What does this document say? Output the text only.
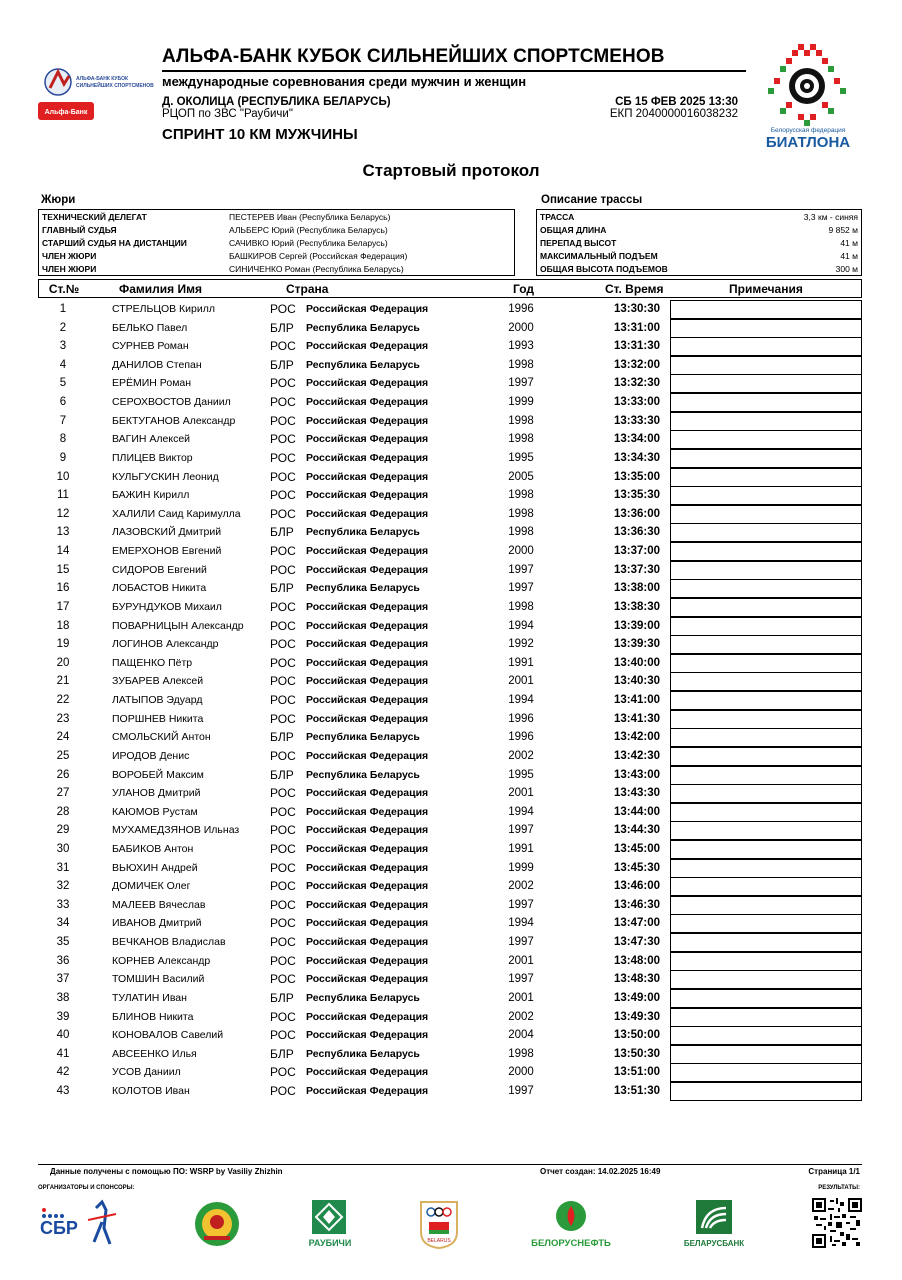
Альфа-Банк
АЛЬФА-БАНК КУБОК
СИЛЬНЕЙШИХ СПОРТСМЕНОВ
АЛЬФА-БАНК КУБОК СИЛЬНЕЙШИХ СПОРТСМЕНОВ
международные соревнования среди мужчин и женщин
Д. ОКОЛИЦА (РЕСПУБЛИКА БЕЛАРУСЬ)
РЦОП по ЗВС "Раубичи"
СБ 15 ФЕВ 2025 13:30
ЕКП 2040000016038232
СПРИНТ 10 КМ МУЖЧИНЫ	Белорусская федерация
БИАТЛОНА
Стартовый протокол
Жюри	Описание трассы
ТЕХНИЧЕСКИЙ ДЕЛЕГАТ	ПЕСТЕРЕВ Иван (Республика Беларусь)
ГЛАВНЫЙ СУДЬЯ	АЛЬБЕРС Юрий (Республика Беларусь)
СТАРШИЙ СУДЬЯ НА ДИСТАНЦИИ	САЧИВКО Юрий (Республика Беларусь)
ЧЛЕН ЖЮРИ	БАШКИРОВ Сергей (Российская Федерация)
ЧЛЕН ЖЮРИ	СИНИЧЕНКО Роман (Республика Беларусь)
ТРАССА	3,3 км - синяя
ОБЩАЯ ДЛИНА	9 852 м
ПЕРЕПАД ВЫСОТ	41 м
МАКСИМАЛЬНЫЙ ПОДЪЕМ	41 м
ОБЩАЯ ВЫСОТА ПОДЪЕМОВ	300 м
Ст.№	Фамилия Имя	Страна	Год	Ст. Время	Примечания
1	СТРЕЛЬЦОВ Кирилл	РОС Российская Федерация	1996	13:30:30
2	БЕЛЬКО Павел	БЛР Республика Беларусь	2000	13:31:00
3	СУРНЕВ Роман	РОС Российская Федерация	1993	13:31:30
4	ДАНИЛОВ Степан	БЛР Республика Беларусь	1998	13:32:00
5	ЕРЁМИН Роман	РОС Российская Федерация	1997	13:32:30
6	СЕРОХВОСТОВ Даниил	РОС Российская Федерация	1999	13:33:00
7	БЕКТУГАНОВ Александр	РОС Российская Федерация	1998	13:33:30
8	ВАГИН Алексей	РОС Российская Федерация	1998	13:34:00
9	ПЛИЦЕВ Виктор	РОС Российская Федерация	1995	13:34:30
10	КУЛЬГУСКИН Леонид	РОС Российская Федерация	2005	13:35:00
11	БАЖИН Кирилл	РОС Российская Федерация	1998	13:35:30
12	ХАЛИЛИ Саид Каримулла РОС Российская Федерация	1998	13:36:00
13	ЛАЗОВСКИЙ Дмитрий	БЛР Республика Беларусь	1998	13:36:30
14	ЕМЕРХОНОВ Евгений	РОС Российская Федерация	2000	13:37:00
15	СИДОРОВ Евгений	РОС Российская Федерация	1997	13:37:30
16	ЛОБАСТОВ Никита	БЛР Республика Беларусь	1997	13:38:00
17	БУРУНДУКОВ Михаил	РОС Российская Федерация	1998	13:38:30
18	ПОВАРНИЦЫН Александр РОС Российская Федерация	1994	13:39:00
19	ЛОГИНОВ Александр	РОС Российская Федерация	1992	13:39:30
20	ПАЩЕНКО Пётр	РОС Российская Федерация	1991	13:40:00
21	ЗУБАРЕВ Алексей	РОС Российская Федерация	2001	13:40:30
22	ЛАТЫПОВ Эдуард	РОС Российская Федерация	1994	13:41:00
23	ПОРШНЕВ Никита	РОС Российская Федерация	1996	13:41:30
24	СМОЛЬСКИЙ Антон	БЛР Республика Беларусь	1996	13:42:00
25	ИРОДОВ Денис	РОС Российская Федерация	2002	13:42:30
26	ВОРОБЕЙ Максим	БЛР Республика Беларусь	1995	13:43:00
27	УЛАНОВ Дмитрий	РОС Российская Федерация	2001	13:43:30
28	КАЮМОВ Рустам	РОС Российская Федерация	1994	13:44:00
29	МУХАМЕДЗЯНОВ Ильназ	РОС Российская Федерация	1997	13:44:30
30	БАБИКОВ Антон	РОС Российская Федерация	1991	13:45:00
31	ВЬЮХИН Андрей	РОС Российская Федерация	1999	13:45:30
32	ДОМИЧЕК Олег	РОС Российская Федерация	2002	13:46:00
33	МАЛЕЕВ Вячеслав	РОС Российская Федерация	1997	13:46:30
34	ИВАНОВ Дмитрий	РОС Российская Федерация	1994	13:47:00
35	ВЕЧКАНОВ Владислав	РОС Российская Федерация	1997	13:47:30
36	КОРНЕВ Александр	РОС Российская Федерация	2001	13:48:00
37	ТОМШИН Василий	РОС Российская Федерация	1997	13:48:30
38	ТУЛАТИН Иван	БЛР Республика Беларусь	2001	13:49:00
39	БЛИНОВ Никита	РОС Российская Федерация	2002	13:49:30
40	КОНОВАЛОВ Савелий	РОС Российская Федерация	2004	13:50:00
41	АВСЕЕНКО Илья	БЛР Республика Беларусь	1998	13:50:30
42	УСОВ Даниил	РОС Российская Федерация	2000	13:51:00
43	КОЛОТОВ Иван	РОС Российская Федерация	1997	13:51:30
Данные получены с помощью ПО: WSRP by Vasiliy Zhizhin	Отчет создан: 14.02.2025 16:49	Страница 1/1
ОРГАНИЗАТОРЫ И СПОНСОРЫ:	РЕЗУЛЬТАТЫ:
СБР
РАУБИЧИ	BELARUS	БЕЛОРУСНЕФТЬ	БЕЛАРУСБАНК
